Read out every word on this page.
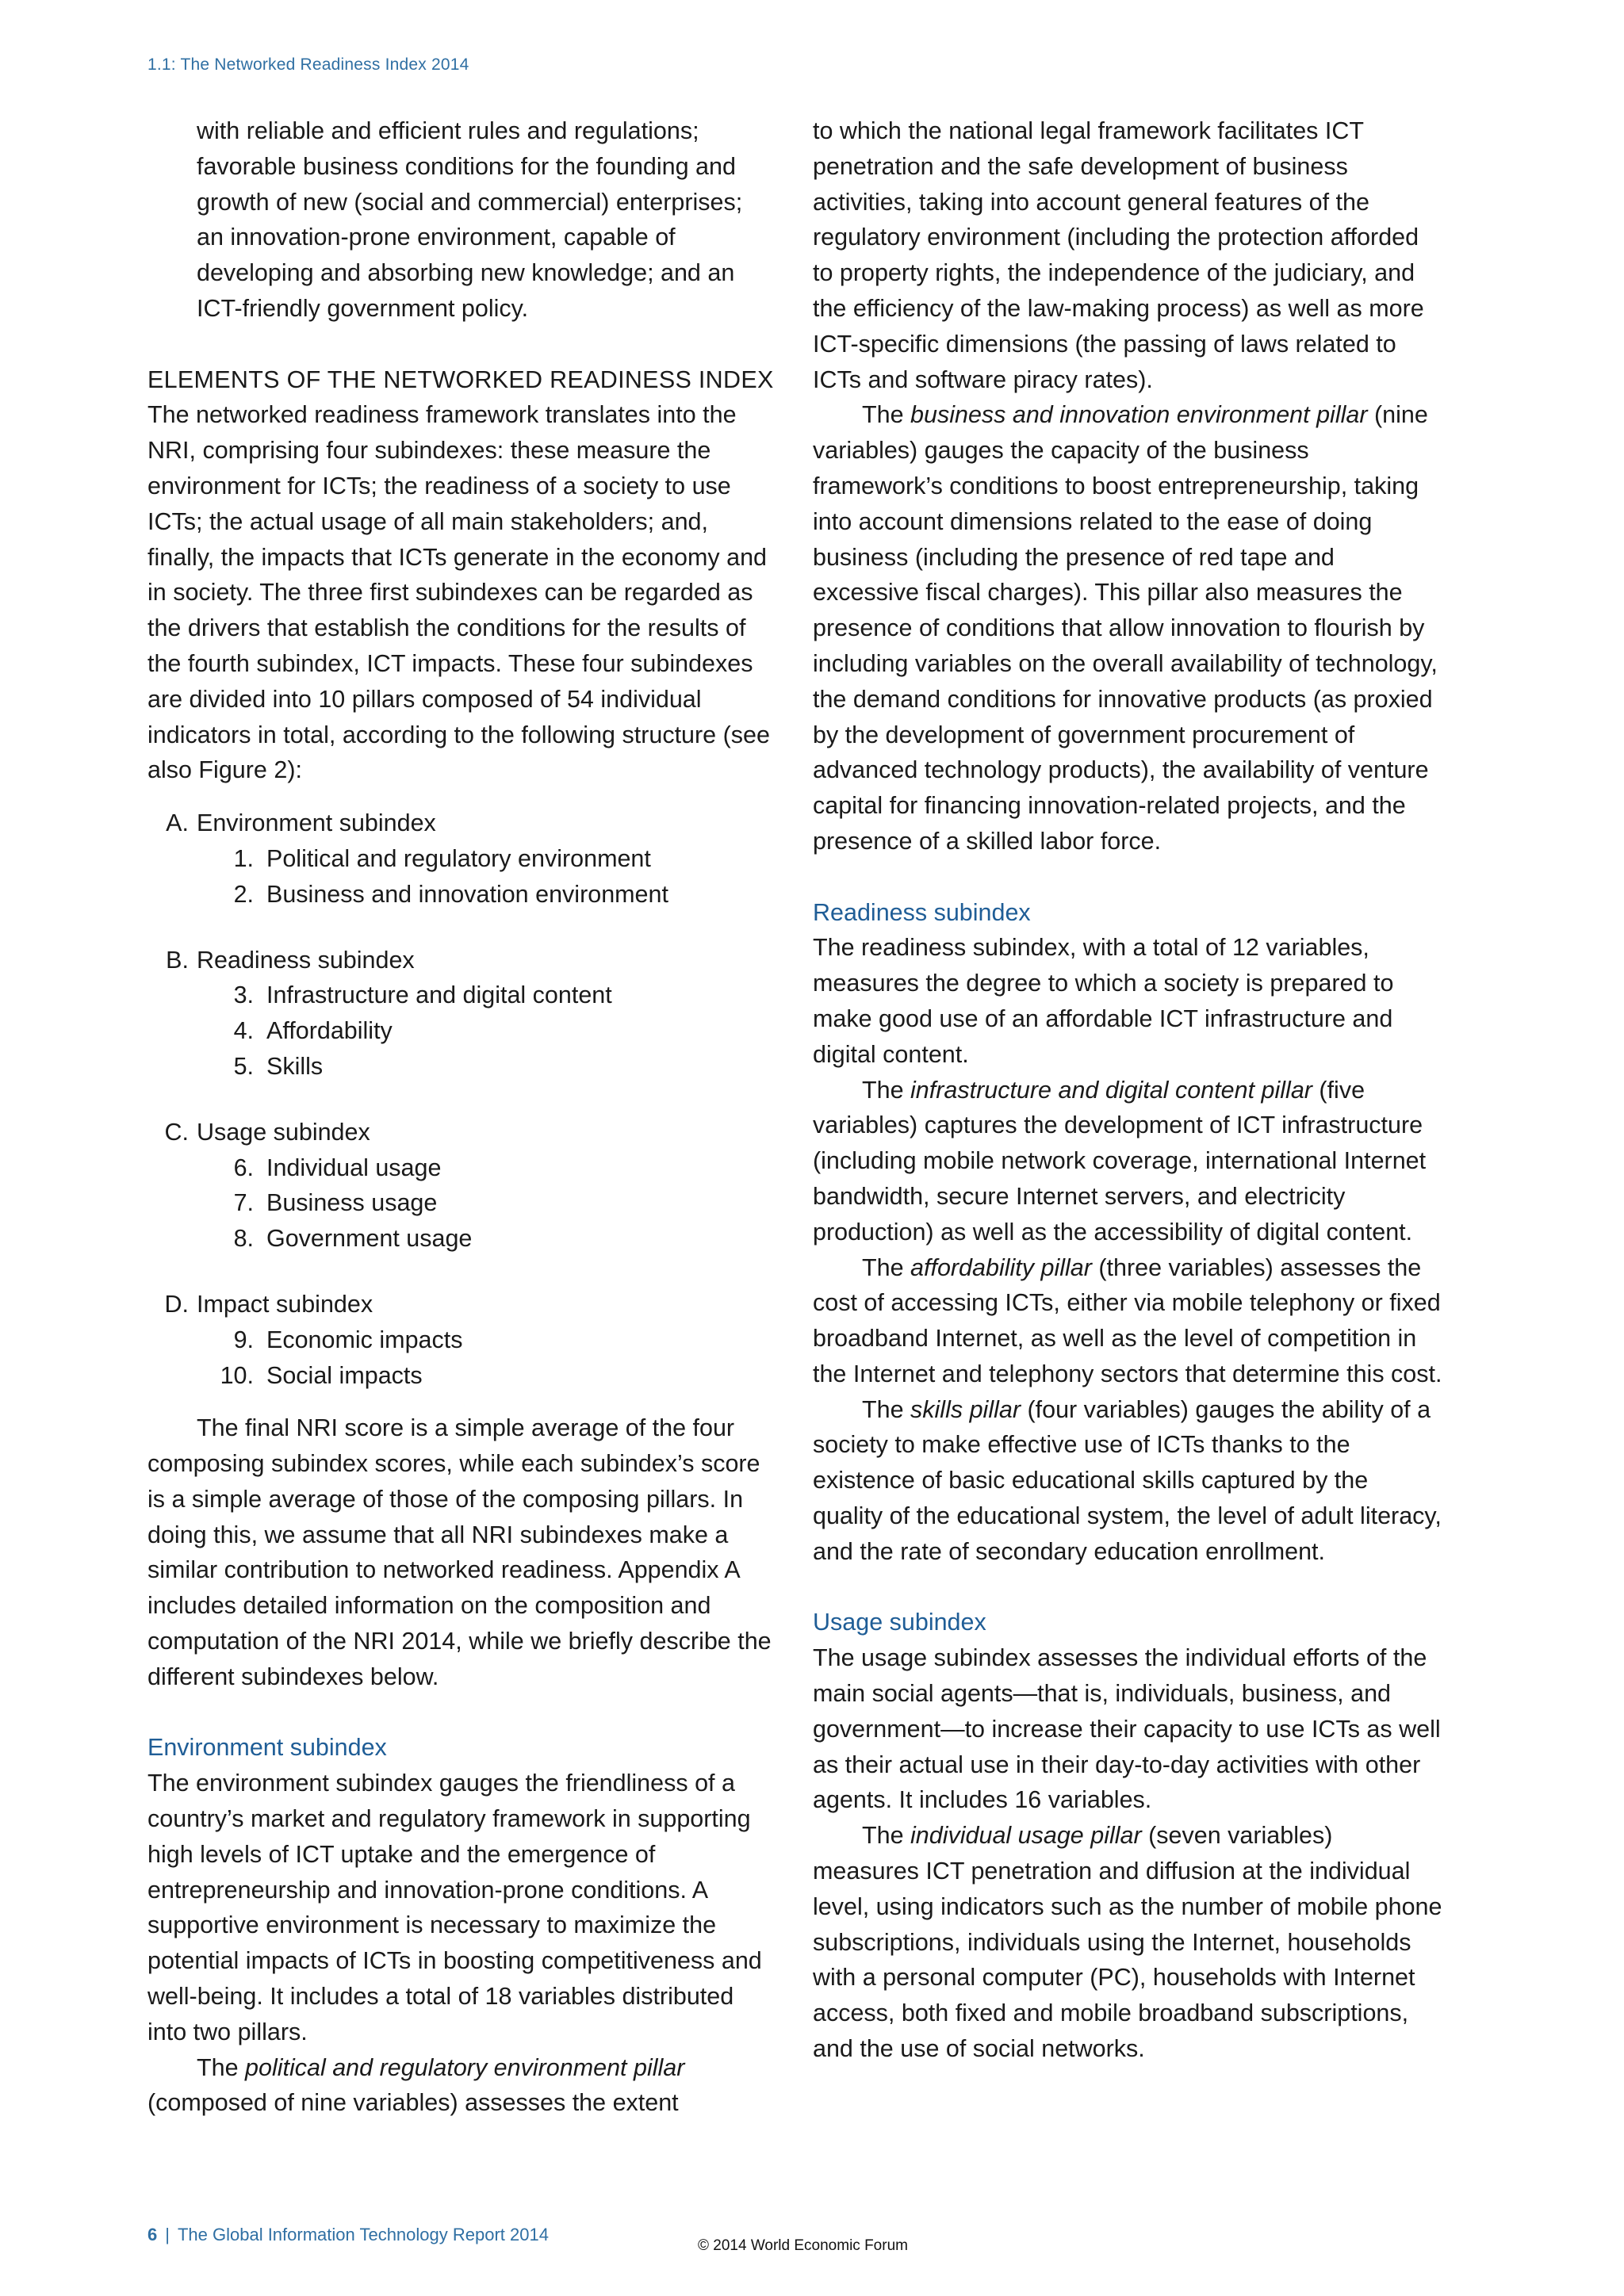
1.1: The Networked Readiness Index 2014

with reliable and efficient rules and regulations; favorable business conditions for the founding and growth of new (social and commercial) enterprises; an innovation-prone environment, capable of developing and absorbing new knowledge; and an ICT-friendly government policy.

ELEMENTS OF THE NETWORKED READINESS INDEX

The networked readiness framework translates into the NRI, comprising four subindexes: these measure the environment for ICTs; the readiness of a society to use ICTs; the actual usage of all main stakeholders; and, finally, the impacts that ICTs generate in the economy and in society. The three first subindexes can be regarded as the drivers that establish the conditions for the results of the fourth subindex, ICT impacts. These four subindexes are divided into 10 pillars composed of 54 individual indicators in total, according to the following structure (see also Figure 2):

A. Environment subindex
1. Political and regulatory environment
2. Business and innovation environment
B. Readiness subindex
3. Infrastructure and digital content
4. Affordability
5. Skills
C. Usage subindex
6. Individual usage
7. Business usage
8. Government usage
D. Impact subindex
9. Economic impacts
10. Social impacts

The final NRI score is a simple average of the four composing subindex scores, while each subindex’s score is a simple average of those of the composing pillars. In doing this, we assume that all NRI subindexes make a similar contribution to networked readiness. Appendix A includes detailed information on the composition and computation of the NRI 2014, while we briefly describe the different subindexes below.

Environment subindex

The environment subindex gauges the friendliness of a country’s market and regulatory framework in supporting high levels of ICT uptake and the emergence of entrepreneurship and innovation-prone conditions. A supportive environment is necessary to maximize the potential impacts of ICTs in boosting competitiveness and well-being. It includes a total of 18 variables distributed into two pillars.

The political and regulatory environment pillar (composed of nine variables) assesses the extent

to which the national legal framework facilitates ICT penetration and the safe development of business activities, taking into account general features of the regulatory environment (including the protection afforded to property rights, the independence of the judiciary, and the efficiency of the law-making process) as well as more ICT-specific dimensions (the passing of laws related to ICTs and software piracy rates).

The business and innovation environment pillar (nine variables) gauges the capacity of the business framework’s conditions to boost entrepreneurship, taking into account dimensions related to the ease of doing business (including the presence of red tape and excessive fiscal charges). This pillar also measures the presence of conditions that allow innovation to flourish by including variables on the overall availability of technology, the demand conditions for innovative products (as proxied by the development of government procurement of advanced technology products), the availability of venture capital for financing innovation-related projects, and the presence of a skilled labor force.

Readiness subindex

The readiness subindex, with a total of 12 variables, measures the degree to which a society is prepared to make good use of an affordable ICT infrastructure and digital content.

The infrastructure and digital content pillar (five variables) captures the development of ICT infrastructure (including mobile network coverage, international Internet bandwidth, secure Internet servers, and electricity production) as well as the accessibility of digital content.

The affordability pillar (three variables) assesses the cost of accessing ICTs, either via mobile telephony or fixed broadband Internet, as well as the level of competition in the Internet and telephony sectors that determine this cost.

The skills pillar (four variables) gauges the ability of a society to make effective use of ICTs thanks to the existence of basic educational skills captured by the quality of the educational system, the level of adult literacy, and the rate of secondary education enrollment.

Usage subindex

The usage subindex assesses the individual efforts of the main social agents—that is, individuals, business, and government—to increase their capacity to use ICTs as well as their actual use in their day-to-day activities with other agents. It includes 16 variables.

The individual usage pillar (seven variables) measures ICT penetration and diffusion at the individual level, using indicators such as the number of mobile phone subscriptions, individuals using the Internet, households with a personal computer (PC), households with Internet access, both fixed and mobile broadband subscriptions, and the use of social networks.

6 | The Global Information Technology Report 2014
© 2014 World Economic Forum
